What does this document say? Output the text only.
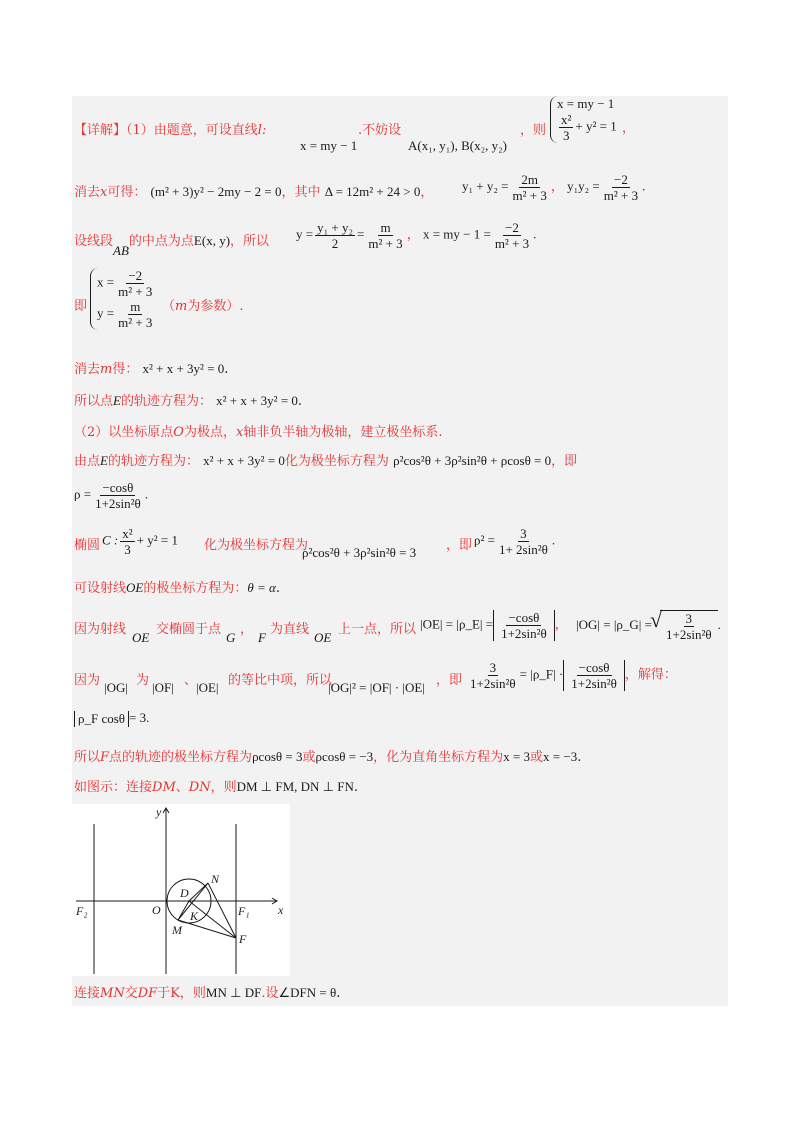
【详解】（1）由题意，可设直线l:
x = my − 1
.不妨设
A(x₁, y₁), B(x₂, y₂)
，则
x = my − 1
$\frac{\text{x²}}{3} + y^2 = 1$ ，
消去x可得： (m² + 3)y² − 2my − 2 = 0，其中 Δ = 12m² + 24 > 0， $y_1 + y_2 = \frac{2m}{\text{m² + 3}}$ ， $y_1y_2 = \frac{-2}{\text{m² + 3}}$ .
设线段AB的中点为点E(x, y)，所以
$y = \frac{\text{y₁ + y₂}}{2} = \frac{m}{\text{m² + 3}}$ ， x = my − $1 = \frac{-2}{\text{m² + 3}}$ .
即
$x = \frac{-2}{\text{m² + 3}}$
$y = \frac{m}{\text{m² + 3}} (m$为参数）.
消去m得： x² + x + 3y² = 0.
所以点E的轨迹方程为： x² + x + 3y² = 0.
（2）以坐标原点O为极点，x轴非负半轴为极轴，建立极坐标系.
由点E的轨迹方程为： x² + x + 3y² = 0化为极坐标方程为 ρ²cos²θ + 3ρ²sin²θ + ρcosθ = 0，即
$\rho = \frac{-\cos\theta}{\text{1+2sin²θ}}$ .
椭圆 C : $\frac{\text{x²}}{3} + y^2 = 1$ 化为极坐标方程为
ρ²cos²θ + 3ρ²sin²θ = 3 ，即 $\rho^2 = \frac{3}{\text{1+ 2sin²θ}}$ .
可设射线OE的极坐标方程为：θ = α.
因为射线
OE
交椭圆于点
G
，
F
为直线
OE
上一点，所以 |OE| = |ρ_E| = $\frac{-\cos\theta}{\text{1+2sin²θ}}$ ， |OG| = |ρ_G| =
√ $\frac{3}{\text{1+2sin²θ}}$ .
因为 |OG| 为 |OF| 、
|OE| 的等比中项，所以
|OG|² = |OF| · |OE| ，即 $\frac{3}{\text{1+2sin²θ}}$ = |ρ_F| · $\frac{-\cos\theta}{\text{1+2sin²θ}}$ ，解得：
ρ_F cosθ = 3.
所以F点的轨迹的极坐标方程为ρcosθ = 3或ρcosθ = −3，化为直角坐标方程为x = 3或x = −3.
如图示：连接DM、DN，则DM ⊥ FM, DN ⊥ FN.
y
x
O
D
N
K
M
F
F₁
F₂
连接MN交DF于K，则MN ⊥ DF.设∠DFN = θ.
